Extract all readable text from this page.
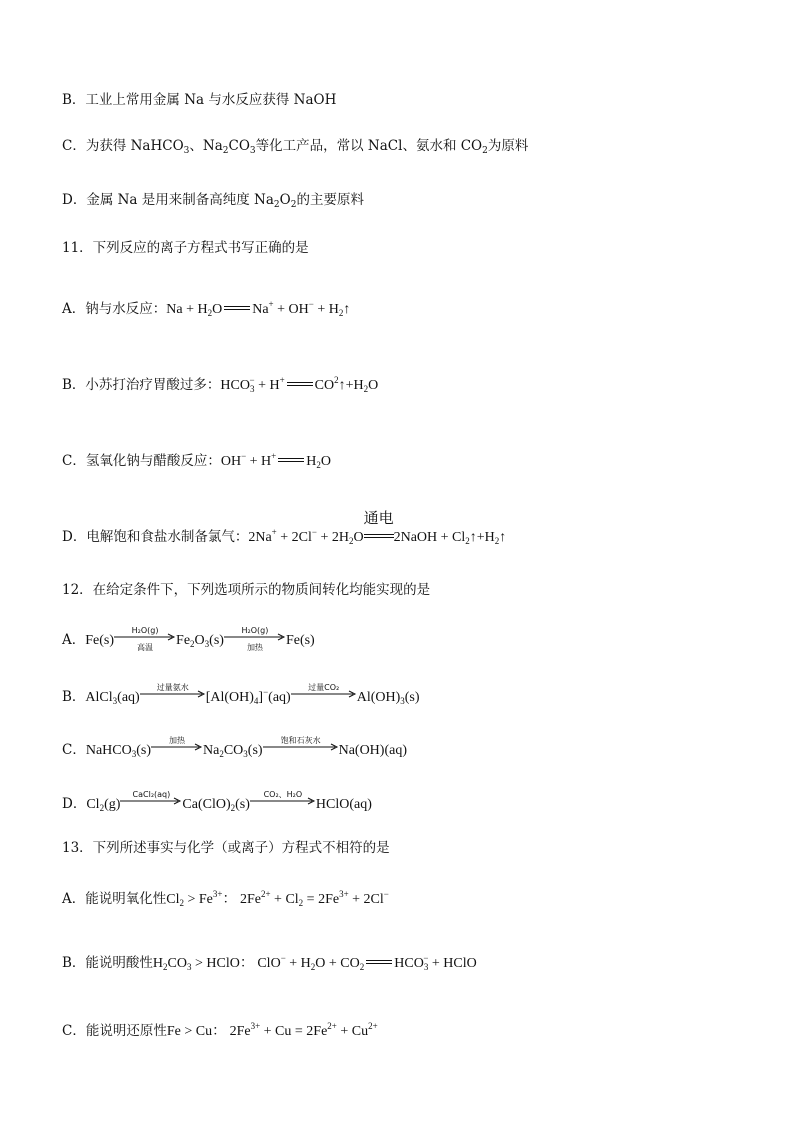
B．工业上常用金属 Na 与水反应获得 NaOH
C．为获得 NaHCO$_3$、$Na_2CO_3$等化工产品，常以 NaCl、氨水和 $CO_2$为原料
D．金属 Na 是用来制备高纯度 $Na_2O_2$的主要原料
11．下列反应的离子方程式书写正确的是
A．钠与水反应：$Na + H_2O$ $Na^+ + OH^- + H_2↑$
B．小苏打治疗胃酸过多：$HCO_3^- + H^+$ $CO^2↑+H_2O$
C．氢氧化钠与醋酸反应：OH− + H+ $H_2O$
D．电解饱和食盐水制备氯气：$2Na^+ + 2Cl^- + 2H_2O$
通电
2NaOH + $Cl_2↑+H_2↑$
12．在给定条件下，下列选项所示的物质间转化均能实现的是
A．Fe(s)
H₂O(g)
高温	$Fe_2O_3(s)$
H₂O(g)
加热	Fe(s)
B．AlCl$_3$(aq)
过量氨水
$[Al(OH)_4]^-(aq)$
过量CO₂
$Al(OH)_3(s)$
C．NaHCO$_3$(s)
加热
$Na_2CO_3(s)$
饱和石灰水
Na(OH)(aq)
D．$Cl_2(g)$
CaCl₂(aq)
$Ca(ClO)_2(s)$
CO₂、H₂O
HClO(aq)
13．下列所述事实与化学（或离子）方程式不相符的是
A．能说明氧化性$Cl_2 > Fe^{3+}$： $2Fe^{2+} + Cl_2 = 2Fe^{3+} + 2Cl^-$
B．能说明酸性$H_2CO_3$ > HClO： $ClO^- + H_2O + CO_2$ $HCO_3^-$ + HClO
C．能说明还原性Fe > Cu： $2Fe^{3+} + Cu = 2Fe^{2+} + Cu^{2+}$
